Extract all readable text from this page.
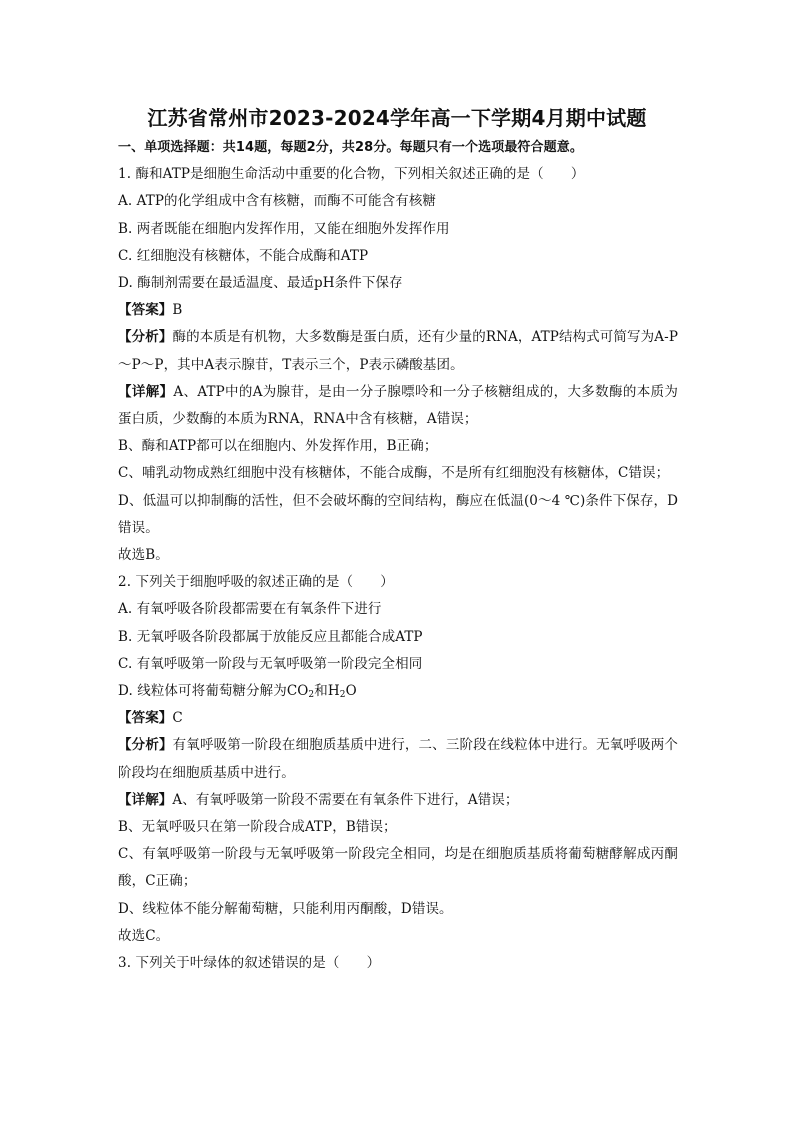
江苏省常州市2023-2024学年高一下学期4月期中试题
一、单项选择题：共14题，每题2分，共28分。每题只有一个选项最符合题意。
1. 酶和ATP是细胞生命活动中重要的化合物，下列相关叙述正确的是（　　）
A. ATP的化学组成中含有核糖，而酶不可能含有核糖
B. 两者既能在细胞内发挥作用，又能在细胞外发挥作用
C. 红细胞没有核糖体，不能合成酶和ATP
D. 酶制剂需要在最适温度、最适pH条件下保存
【答案】B
【分析】酶的本质是有机物，大多数酶是蛋白质，还有少量的RNA，ATP结构式可简写为A-P～P～P，其中A表示腺苷，T表示三个，P表示磷酸基团。
【详解】A、ATP中的A为腺苷，是由一分子腺嘌呤和一分子核糖组成的，大多数酶的本质为蛋白质，少数酶的本质为RNA，RNA中含有核糖，A错误；
B、酶和ATP都可以在细胞内、外发挥作用，B正确；
C、哺乳动物成熟红细胞中没有核糖体，不能合成酶，不是所有红细胞没有核糖体，C错误；
D、低温可以抑制酶的活性，但不会破坏酶的空间结构，酶应在低温(0～4 ℃)条件下保存，D错误。
故选B。
2. 下列关于细胞呼吸的叙述正确的是（　　）
A. 有氧呼吸各阶段都需要在有氧条件下进行
B. 无氧呼吸各阶段都属于放能反应且都能合成ATP
C. 有氧呼吸第一阶段与无氧呼吸第一阶段完全相同
D. 线粒体可将葡萄糖分解为$CO_2$和$H_2O$
【答案】C
【分析】有氧呼吸第一阶段在细胞质基质中进行，二、三阶段在线粒体中进行。无氧呼吸两个阶段均在细胞质基质中进行。
【详解】A、有氧呼吸第一阶段不需要在有氧条件下进行，A错误；
B、无氧呼吸只在第一阶段合成ATP，B错误；
C、有氧呼吸第一阶段与无氧呼吸第一阶段完全相同，均是在细胞质基质将葡萄糖酵解成丙酮酸，C正确；
D、线粒体不能分解葡萄糖，只能利用丙酮酸，D错误。
故选C。
3. 下列关于叶绿体的叙述错误的是（　　）
